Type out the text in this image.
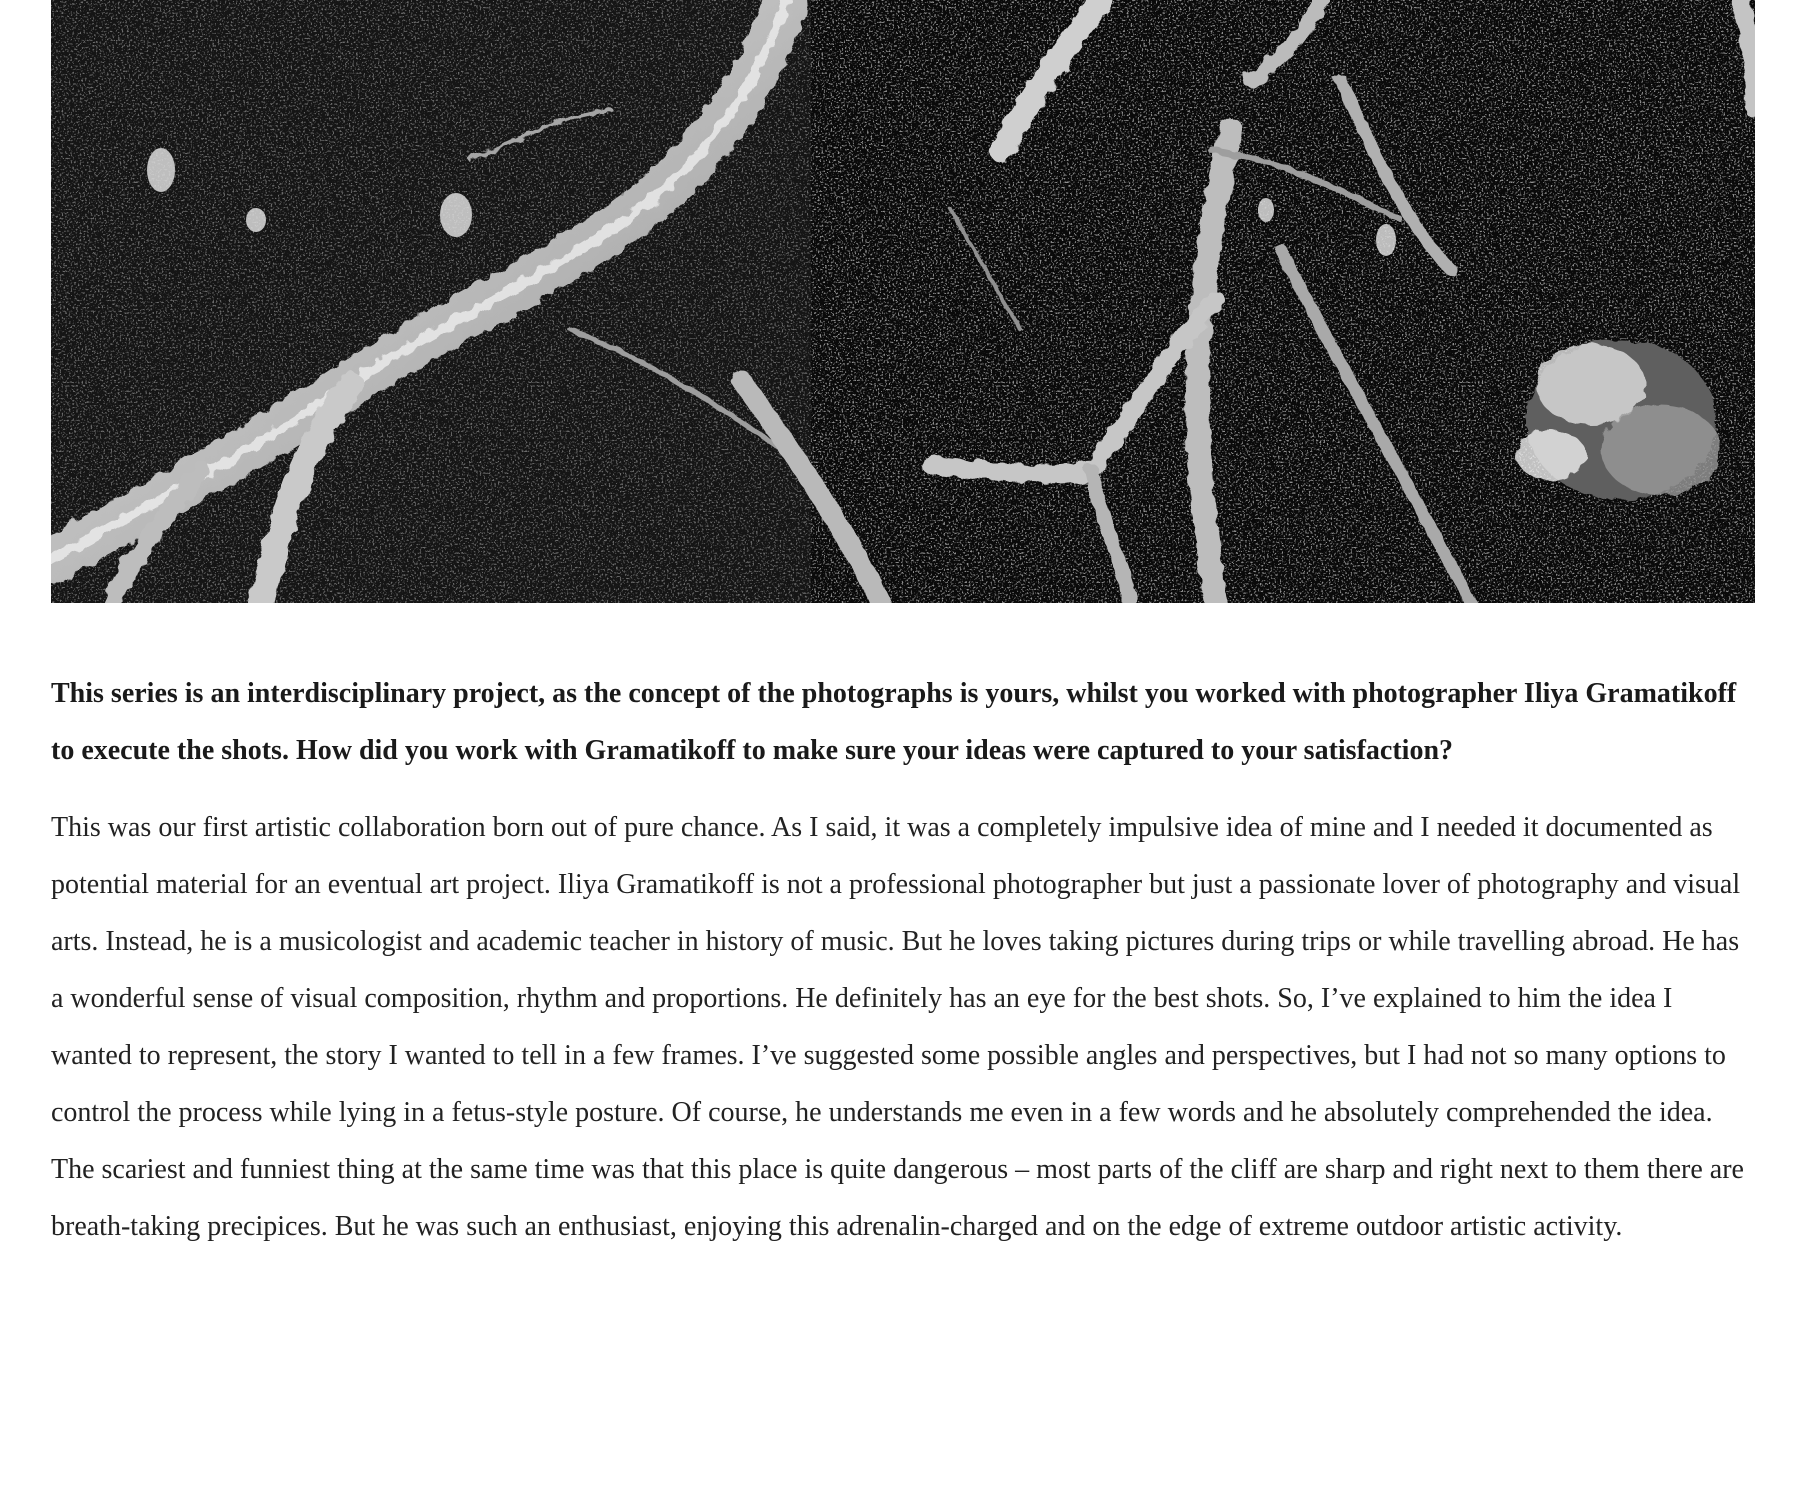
This series is an interdisciplinary project, as the concept of the photographs is yours, whilst you worked with photographer Iliya Gramatikoff to execute the shots. How did you work with Gramatikoff to make sure your ideas were captured to your satisfaction?

This was our first artistic collaboration born out of pure chance. As I said, it was a completely impulsive idea of mine and I needed it documented as potential material for an eventual art project. Iliya Gramatikoff is not a professional photographer but just a passionate lover of photography and visual arts. Instead, he is a musicologist and academic teacher in history of music. But he loves taking pictures during trips or while travelling abroad. He has a wonderful sense of visual composition, rhythm and proportions. He definitely has an eye for the best shots. So, I’ve explained to him the idea I wanted to represent, the story I wanted to tell in a few frames. I’ve suggested some possible angles and perspectives, but I had not so many options to control the process while lying in a fetus-style posture. Of course, he understands me even in a few words and he absolutely comprehended the idea. The scariest and funniest thing at the same time was that this place is quite dangerous – most parts of the cliff are sharp and right next to them there are breath-taking precipices. But he was such an enthusiast, enjoying this adrenalin-charged and on the edge of extreme outdoor artistic activity.
